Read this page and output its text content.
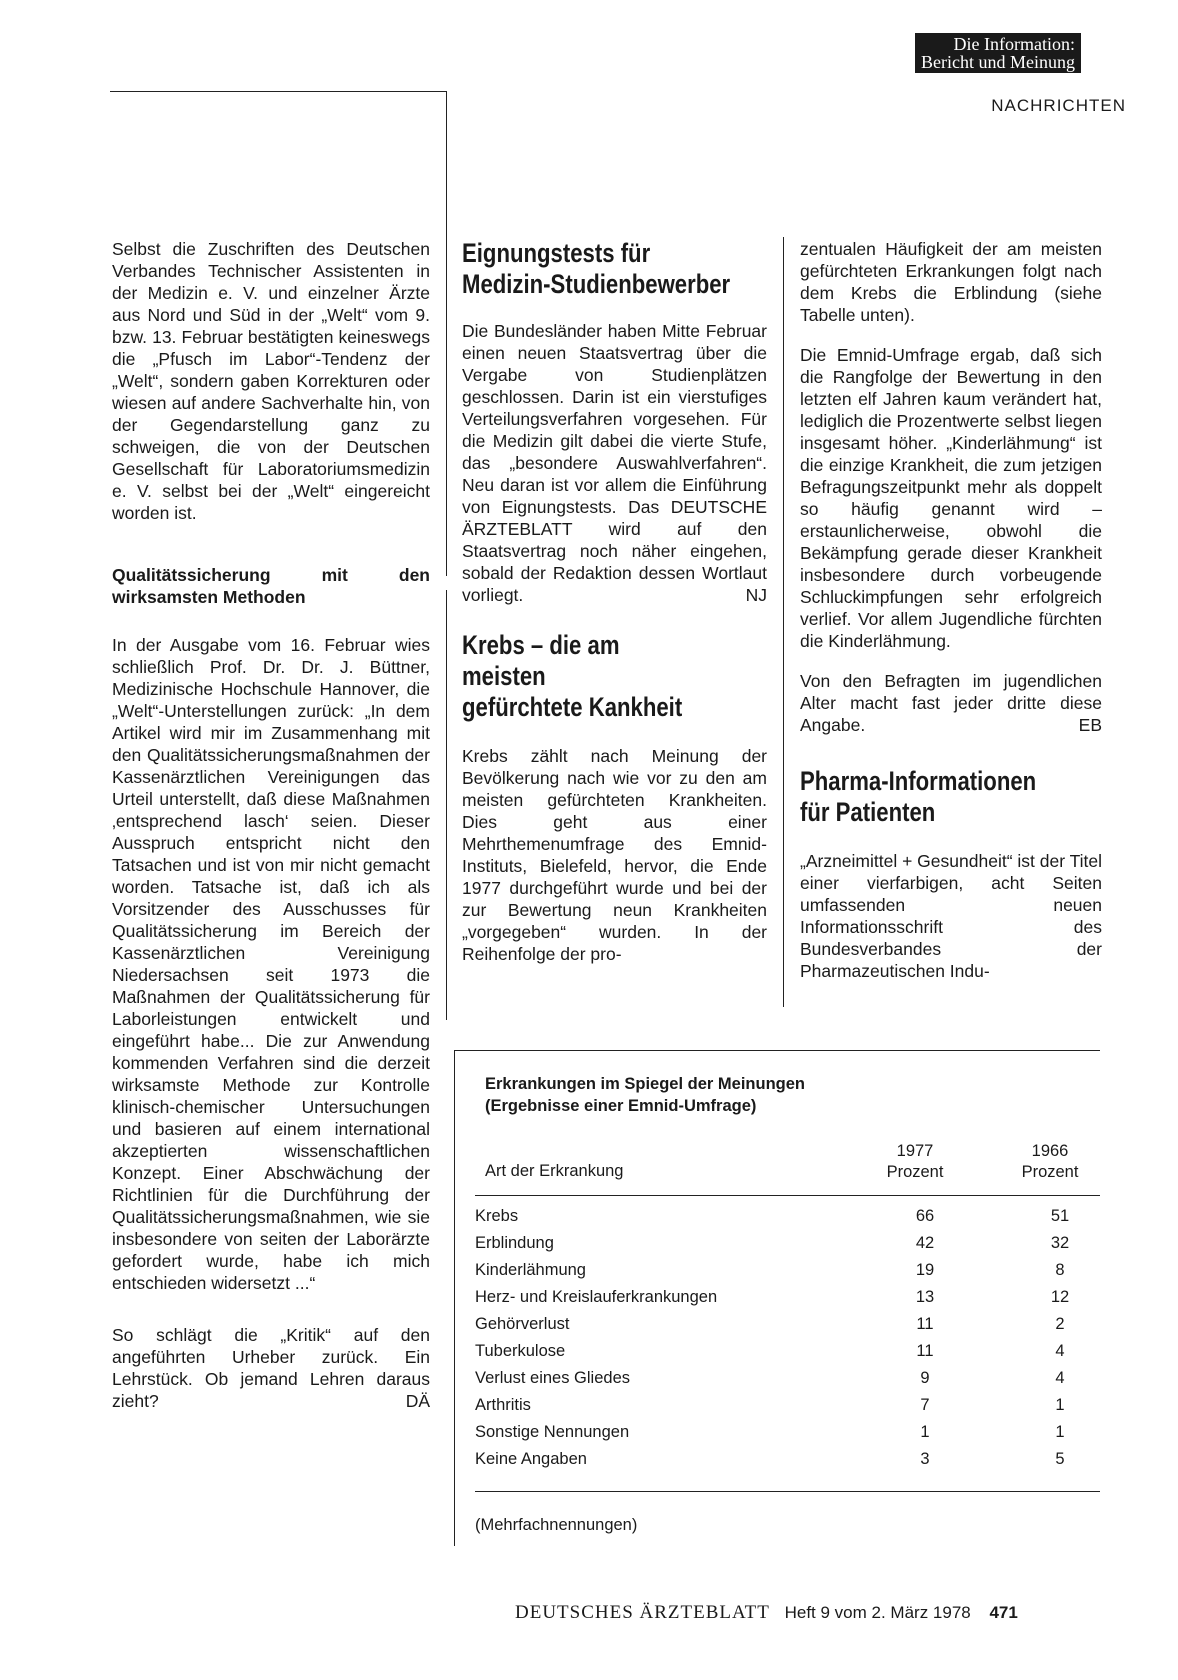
Die Information:
Bericht und Meinung
NACHRICHTEN

Selbst die Zuschriften des Deutschen Verbandes Technischer Assistenten in der Medizin e. V. und einzelner Ärzte aus Nord und Süd in der „Welt“ vom 9. bzw. 13. Februar bestätigten keineswegs die „Pfusch im Labor“-Tendenz der „Welt“, sondern gaben Korrekturen oder wiesen auf andere Sachverhalte hin, von der Gegendarstellung ganz zu schweigen, die von der Deutschen Gesellschaft für Laboratoriumsmedizin e. V. selbst bei der „Welt“ eingereicht worden ist.

Qualitätssicherung mit den wirksamsten Methoden

In der Ausgabe vom 16. Februar wies schließlich Prof. Dr. Dr. J. Büttner, Medizinische Hochschule Hannover, die „Welt“-Unterstellungen zurück: „In dem Artikel wird mir im Zusammenhang mit den Qualitätssicherungsmaßnahmen der Kassenärztlichen Vereinigungen das Urteil unterstellt, daß diese Maßnahmen ‚entsprechend lasch‘ seien. Dieser Ausspruch entspricht nicht den Tatsachen und ist von mir nicht gemacht worden. Tatsache ist, daß ich als Vorsitzender des Ausschusses für Qualitätssicherung im Bereich der Kassenärztlichen Vereinigung Niedersachsen seit 1973 die Maßnahmen der Qualitätssicherung für Laborleistungen entwickelt und eingeführt habe... Die zur Anwendung kommenden Verfahren sind die derzeit wirksamste Methode zur Kontrolle klinisch-chemischer Untersuchungen und basieren auf einem international akzeptierten wissenschaftlichen Konzept. Einer Abschwächung der Richtlinien für die Durchführung der Qualitätssicherungsmaßnahmen, wie sie insbesondere von seiten der Laborärzte gefordert wurde, habe ich mich entschieden widersetzt ...“

So schlägt die „Kritik“ auf den angeführten Urheber zurück. Ein Lehrstück. Ob jemand Lehren daraus zieht?	DÄ

Eignungstests für
Medizin-Studienbewerber

Die Bundesländer haben Mitte Februar einen neuen Staatsvertrag über die Vergabe von Studienplätzen geschlossen. Darin ist ein vierstufiges Verteilungsverfahren vorgesehen. Für die Medizin gilt dabei die vierte Stufe, das „besondere Auswahlverfahren“. Neu daran ist vor allem die Einführung von Eignungstests. Das DEUTSCHE ÄRZTEBLATT wird auf den Staatsvertrag noch näher eingehen, sobald der Redaktion dessen Wortlaut vorliegt.	NJ

Krebs – die am
meisten
gefürchtete Kankheit

Krebs zählt nach Meinung der Bevölkerung nach wie vor zu den am meisten gefürchteten Krankheiten. Dies geht aus einer Mehrthemenumfrage des Emnid-Instituts, Bielefeld, hervor, die Ende 1977 durchgeführt wurde und bei der zur Bewertung neun Krankheiten „vorgegeben“ wurden. In der Reihenfolge der pro-

zentualen Häufigkeit der am meisten gefürchteten Erkrankungen folgt nach dem Krebs die Erblindung (siehe Tabelle unten).

Die Emnid-Umfrage ergab, daß sich die Rangfolge der Bewertung in den letzten elf Jahren kaum verändert hat, lediglich die Prozentwerte selbst liegen insgesamt höher. „Kinderlähmung“ ist die einzige Krankheit, die zum jetzigen Befragungszeitpunkt mehr als doppelt so häufig genannt wird – erstaunlicherweise, obwohl die Bekämpfung gerade dieser Krankheit insbesondere durch vorbeugende Schluckimpfungen sehr erfolgreich verlief. Vor allem Jugendliche fürchten die Kinderlähmung.

Von den Befragten im jugendlichen Alter macht fast jeder dritte diese Angabe.	EB

Pharma-Informationen
für Patienten

„Arzneimittel + Gesundheit“ ist der Titel einer vierfarbigen, acht Seiten umfassenden neuen Informationsschrift des Bundesverbandes der Pharmazeutischen Indu-

Erkrankungen im Spiegel der Meinungen
(Ergebnisse einer Emnid-Umfrage)
Art der Erkrankung
1977
Prozent
1966
Prozent
Krebs	66	51
Erblindung	42	32
Kinderlähmung	19	8
Herz- und Kreislauferkrankungen	13	12
Gehörverlust	11	2
Tuberkulose	11	4
Verlust eines Gliedes	9	4
Arthritis	7	1
Sonstige Nennungen	1	1
Keine Angaben	3	5
(Mehrfachnennungen)
DEUTSCHES ÄRZTEBLATT Heft 9 vom 2. März 1978 471
